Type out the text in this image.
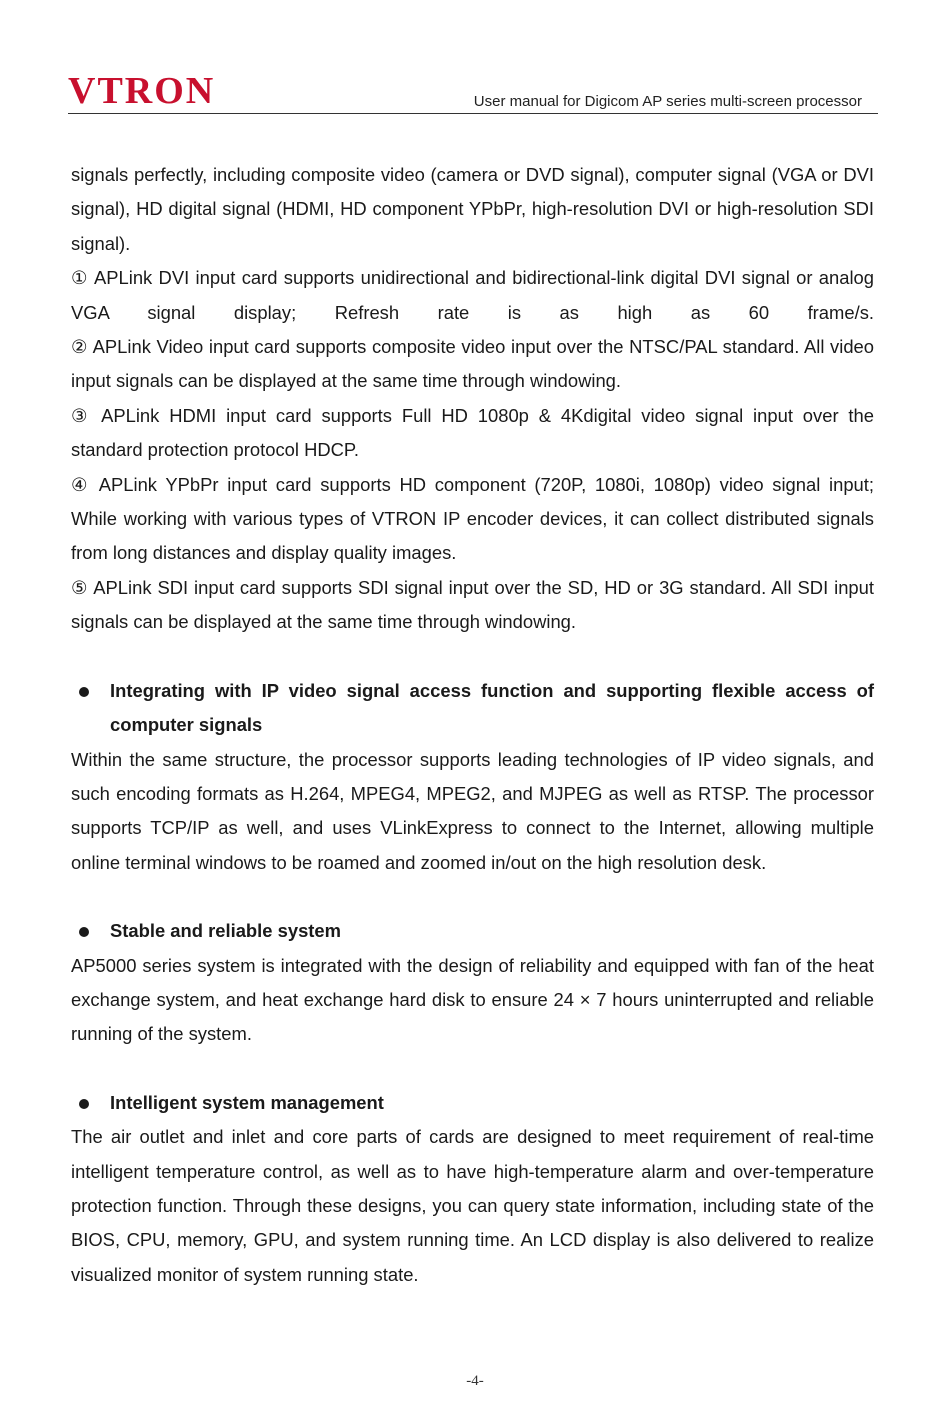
VTRON	User manual for Digicom AP series multi-screen processor

signals perfectly, including composite video (camera or DVD signal), computer signal (VGA or DVI signal), HD digital signal (HDMI, HD component YPbPr, high-resolution DVI or high-resolution SDI signal).

① APLink DVI input card supports unidirectional and bidirectional-link digital DVI signal or analog VGA signal display; Refresh rate is as high as 60 frame/s.

② APLink Video input card supports composite video input over the NTSC/PAL standard. All video input signals can be displayed at the same time through windowing.

③ APLink HDMI input card supports Full HD 1080p & 4Kdigital video signal input over the standard protection protocol HDCP.

④ APLink YPbPr input card supports HD component (720P, 1080i, 1080p) video signal input; While working with various types of VTRON IP encoder devices, it can collect distributed signals from long distances and display quality images.

⑤ APLink SDI input card supports SDI signal input over the SD, HD or 3G standard. All SDI input signals can be displayed at the same time through windowing.

Integrating with IP video signal access function and supporting flexible access of computer signals

Within the same structure, the processor supports leading technologies of IP video signals, and such encoding formats as H.264, MPEG4, MPEG2, and MJPEG as well as RTSP. The processor supports TCP/IP as well, and uses VLinkExpress to connect to the Internet, allowing multiple online terminal windows to be roamed and zoomed in/out on the high resolution desk.

Stable and reliable system

AP5000 series system is integrated with the design of reliability and equipped with fan of the heat exchange system, and heat exchange hard disk to ensure 24 × 7 hours uninterrupted and reliable running of the system.

Intelligent system management

The air outlet and inlet and core parts of cards are designed to meet requirement of real-time intelligent temperature control, as well as to have high-temperature alarm and over-temperature protection function. Through these designs, you can query state information, including state of the BIOS, CPU, memory, GPU, and system running time. An LCD display is also delivered to realize visualized monitor of system running state.

-4-
